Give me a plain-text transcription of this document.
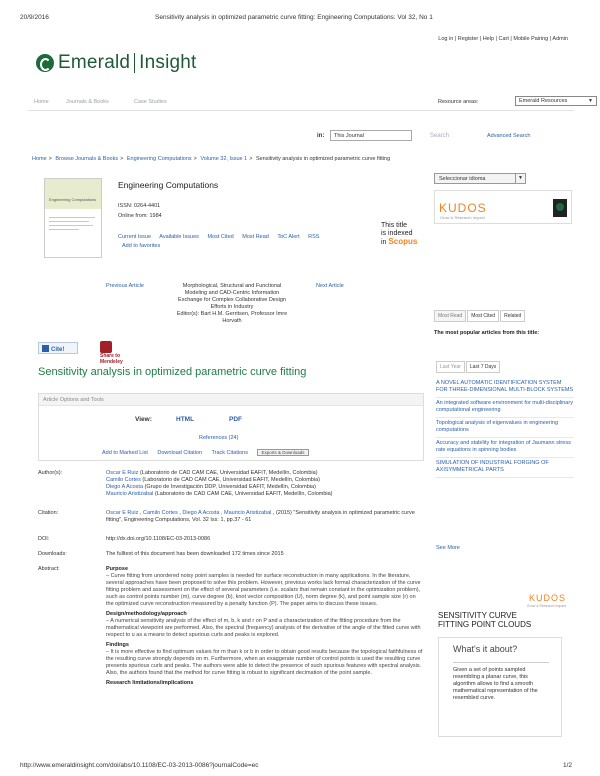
20/9/2016	Sensitivity analysis in optimized parametric curve fitting: Engineering Computations: Vol 32, No 1
Log in | Register | Help | Cart | Mobile Pairing | Admin
Emerald Insight
Home	Journals & Books	Case Studies	Resource areas:	Emerald Resources	▼
in:	This Journal	Search	Advanced Search
Home > Browse Journals & Books > Engineering Computations > Volume 32, Issue 1 > Sensitivity analysis in optimized parametric curve fitting
Engineering Computations
Engineering Computations
ISSN: 0264-4401
Online from: 1984
Current Issue Available Issues Most Cited Most Read ToC Alert RSS
Add to favorites
This title
is indexed
in Scopus
Previous Article	Morphological, Structural and Functional
Modeling and CAD-Centric Information
Exchange for Complex Collaborative Design
Efforts in Industry
Editor(s): Bart H.M. Gerritsen, Professor Imre
Horvath
Next Article
Cite!
Share to
Mendeley
Sensitivity analysis in optimized parametric curve fitting
Article Options and Tools
View:	HTML	PDF
References (24)
Add to Marked List Download Citation Track Citations	Exports & Downloads
Author(s):	Oscar E Ruiz (Laboratorio de CAD CAM CAE, Universidad EAFIT, Medellín, Colombia)
Camilo Cortes (Laboratorio de CAD CAM CAE, Universidad EAFIT, Medellín, Colombia)
Diego A Acosta (Grupo de Investigación DDP, Universidad EAFIT, Medellín, Colombia)
Mauricio Aristizabal (Laboratorio de CAD CAM CAE, Universidad EAFIT, Medellín, Colombia)
Citation:	Oscar E Ruiz , Camilo Cortes , Diego A Acosta , Mauricio Aristizabal , (2015) "Sensitivity analysis in optimized parametric curve fitting", Engineering Computations, Vol. 32 Iss: 1, pp.37 - 61
DOI:	http://dx.doi.org/10.1108/EC-03-2013-0086
Downloads:	The fulltext of this document has been downloaded 172 times since 2015
Abstract:	Purpose

– Curve fitting from unordered noisy point samples is needed for surface reconstruction in many applications. In the literature, several approaches have been proposed to solve this problem. However, previous works lack formal characterization of the curve fitting problem and assessment on the effect of several parameters (i.e. scalars that remain constant in the optimization problem), such as control points number (m), curve degree (b), knot vector composition (U), norm degree (k), and point sample size (r) on the optimized curve reconstruction measured by a penalty function (P). The paper aims to discuss these issues.

Design/methodology/approach

– A numerical sensitivity analysis of the effect of m, b, k and r on P and a characterization of the fitting procedure from the mathematical viewpoint are performed. Also, the spectral (frequency) analysis of the derivative of the angle of the fitted curve with respect to u as a means to detect spurious curls and peaks is explored.

Findings

– It is more effective to find optimum values for m than k or b in order to obtain good results because the topological faithfulness of the resulting curve strongly depends on m. Furthermore, when an exaggerate number of control points is used the resulting curve presents spurious curls and peaks. The authors were able to detect the presence of such spurious features with spectral analysis. Also, the authors found that the method for curve fitting is robust to significant decimation of the point sample.

Research limitations/implications
Seleccionar idioma	▼
KUDOS
Grow & Research Impact
Most Read	Most Cited	Related
The most popular articles from this title:
Last Year	Last 7 Days
A NOVEL AUTOMATIC IDENTIFICATION SYSTEM FOR THREE-DIMENSIONAL MULTI-BLOCK SYSTEMS
An integrated software environment for multi-disciplinary computational engineering
Topological analysis of eigenvalues in engineering computations
Accuracy and stability for integration of Jaumann stress rate equations in spinning bodies
SIMULATION OF INDUSTRIAL FORGING OF AXISYMMETRICAL PARTS
See More
KUDOS
Grow & Research Impact
SENSITIVITY CURVE
FITTING POINT CLOUDS
What's it about?
Given a set of points sampled resembling a planar curve, this algorithm allows to find a smooth mathematical representation of the resembled curve.
http://www.emeraldinsight.com/doi/abs/10.1108/EC-03-2013-0086?journalCode=ec	1/2
